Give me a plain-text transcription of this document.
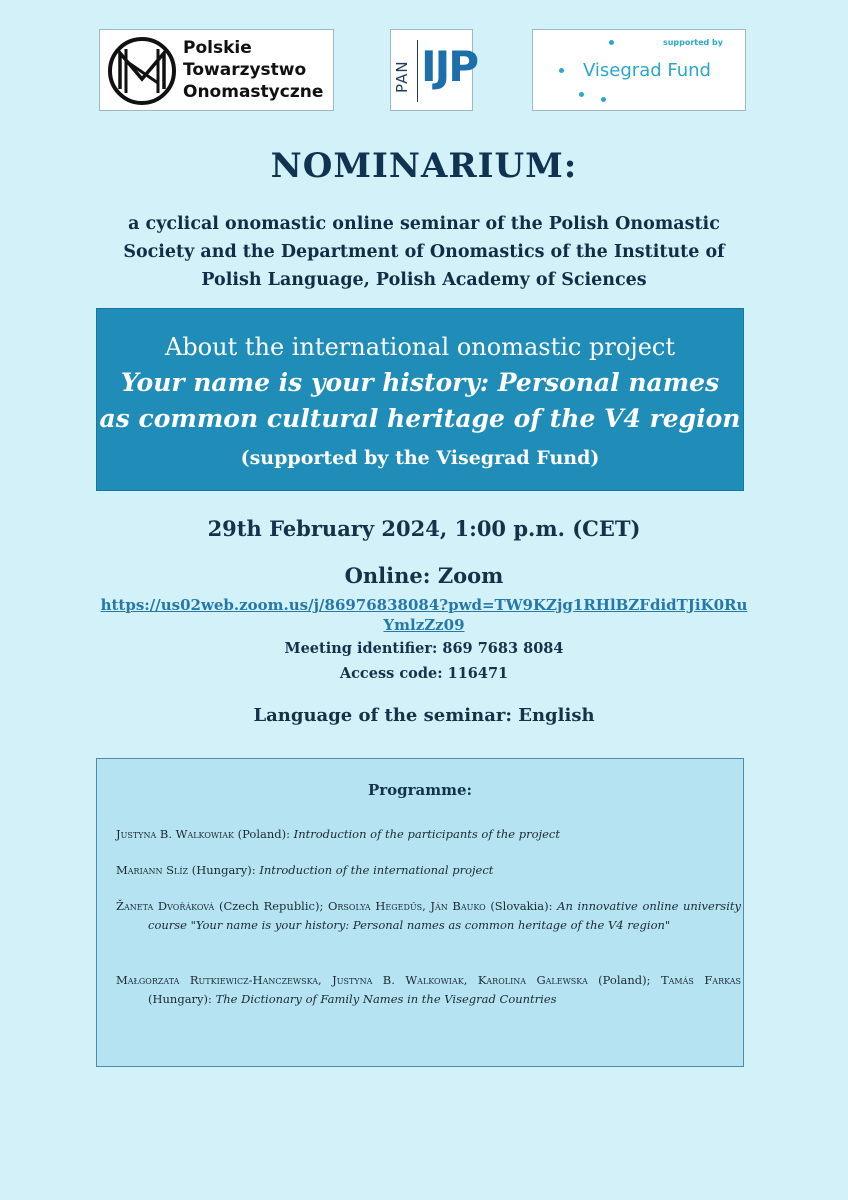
Polskie
Towarzystwo
Onomastyczne	PAN IJP	supported by
Visegrad Fund
NOMINARIUM:
a cyclical onomastic online seminar of the Polish Onomastic Society and the Department of Onomastics of the Institute of Polish Language, Polish Academy of Sciences
About the international onomastic project
Your name is your history: Personal names
as common cultural heritage of the V4 region
(supported by the Visegrad Fund)
29th February 2024, 1:00 p.m. (CET)
Online: Zoom
https://us02web.zoom.us/j/86976838084?pwd=TW9KZjg1RHlBZFdidTJiK0RuYmlzZz09
Meeting identifier: 869 7683 8084
Access code: 116471
Language of the seminar: English
Programme:
Justyna B. Walkowiak (Poland): Introduction of the participants of the project
Mariann Slíz (Hungary): Introduction of the international project
Žaneta Dvořáková (Czech Republic); Orsolya Hegedűs, Ján Bauko (Slovakia): An innovative online university course "Your name is your history: Personal names as common heritage of the V4 region"
Małgorzata Rutkiewicz-Hanczewska, Justyna B. Walkowiak, Karolina Galewska (Poland); Tamás Farkas (Hungary): The Dictionary of Family Names in the Visegrad Countries
